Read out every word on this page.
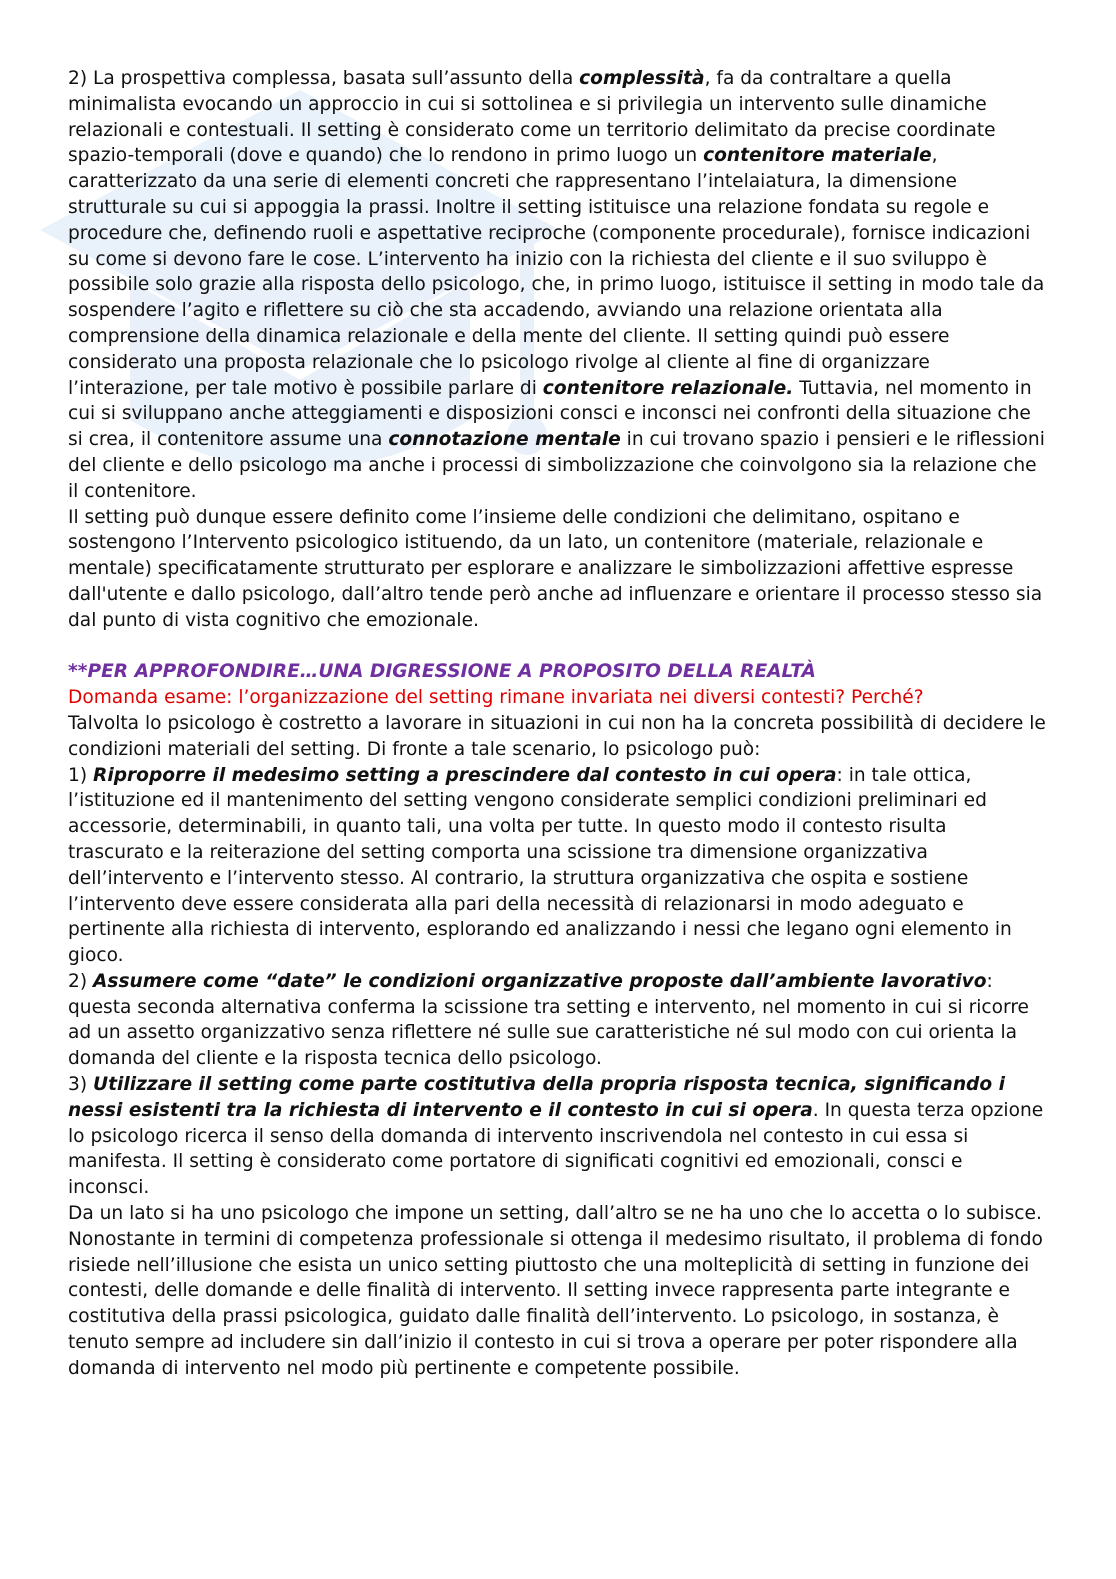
2) La prospettiva complessa, basata sull’assunto della complessità, fa da contraltare a quella minimalista evocando un approccio in cui si sottolinea e si privilegia un intervento sulle dinamiche relazionali e contestuali. Il setting è considerato come un territorio delimitato da precise coordinate spazio-temporali (dove e quando) che lo rendono in primo luogo un contenitore materiale, caratterizzato da una serie di elementi concreti che rappresentano l’intelaiatura, la dimensione strutturale su cui si appoggia la prassi. Inoltre il setting istituisce una relazione fondata su regole e procedure che, definendo ruoli e aspettative reciproche (componente procedurale), fornisce indicazioni su come si devono fare le cose. L’intervento ha inizio con la richiesta del cliente e il suo sviluppo è possibile solo grazie alla risposta dello psicologo, che, in primo luogo, istituisce il setting in modo tale da sospendere l’agito e riflettere su ciò che sta accadendo, avviando una relazione orientata alla comprensione della dinamica relazionale e della mente del cliente. Il setting quindi può essere considerato una proposta relazionale che lo psicologo rivolge al cliente al fine di organizzare l’interazione, per tale motivo è possibile parlare di contenitore relazionale. Tuttavia, nel momento in cui si sviluppano anche atteggiamenti e disposizioni consci e inconsci nei confronti della situazione che si crea, il contenitore assume una connotazione mentale in cui trovano spazio i pensieri e le riflessioni del cliente e dello psicologo ma anche i processi di simbolizzazione che coinvolgono sia la relazione che il contenitore.

Il setting può dunque essere definito come l’insieme delle condizioni che delimitano, ospitano e sostengono l’Intervento psicologico istituendo, da un lato, un contenitore (materiale, relazionale e mentale) specificatamente strutturato per esplorare e analizzare le simbolizzazioni affettive espresse dall'utente e dallo psicologo, dall’altro tende però anche ad influenzare e orientare il processo stesso sia dal punto di vista cognitivo che emozionale.

**PER APPROFONDIRE…UNA DIGRESSIONE A PROPOSITO DELLA REALTÀ

Domanda esame: l’organizzazione del setting rimane invariata nei diversi contesti? Perché?

Talvolta lo psicologo è costretto a lavorare in situazioni in cui non ha la concreta possibilità di decidere le condizioni materiali del setting. Di fronte a tale scenario, lo psicologo può:

1) Riproporre il medesimo setting a prescindere dal contesto in cui opera: in tale ottica, l’istituzione ed il mantenimento del setting vengono considerate semplici condizioni preliminari ed accessorie, determinabili, in quanto tali, una volta per tutte. In questo modo il contesto risulta trascurato e la reiterazione del setting comporta una scissione tra dimensione organizzativa dell’intervento e l’intervento stesso. Al contrario, la struttura organizzativa che ospita e sostiene l’intervento deve essere considerata alla pari della necessità di relazionarsi in modo adeguato e pertinente alla richiesta di intervento, esplorando ed analizzando i nessi che legano ogni elemento in gioco.

2) Assumere come “date” le condizioni organizzative proposte dall’ambiente lavorativo: questa seconda alternativa conferma la scissione tra setting e intervento, nel momento in cui si ricorre ad un assetto organizzativo senza riflettere né sulle sue caratteristiche né sul modo con cui orienta la domanda del cliente e la risposta tecnica dello psicologo.

3) Utilizzare il setting come parte costitutiva della propria risposta tecnica, significando i nessi esistenti tra la richiesta di intervento e il contesto in cui si opera. In questa terza opzione lo psicologo ricerca il senso della domanda di intervento inscrivendola nel contesto in cui essa si manifesta. Il setting è considerato come portatore di significati cognitivi ed emozionali, consci e inconsci.

Da un lato si ha uno psicologo che impone un setting, dall’altro se ne ha uno che lo accetta o lo subisce. Nonostante in termini di competenza professionale si ottenga il medesimo risultato, il problema di fondo risiede nell’illusione che esista un unico setting piuttosto che una molteplicità di setting in funzione dei contesti, delle domande e delle finalità di intervento. Il setting invece rappresenta parte integrante e costitutiva della prassi psicologica, guidato dalle finalità dell’intervento. Lo psicologo, in sostanza, è tenuto sempre ad includere sin dall’inizio il contesto in cui si trova a operare per poter rispondere alla domanda di intervento nel modo più pertinente e competente possibile.
